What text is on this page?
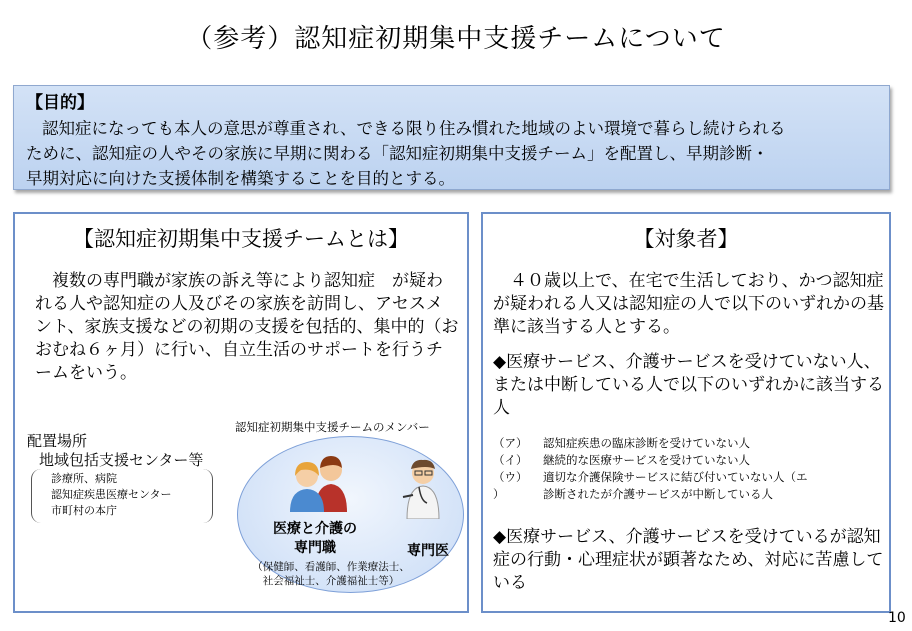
（参考）認知症初期集中支援チームについて
【目的】
認知症になっても本人の意思が尊重され、できる限り住み慣れた地域のよい環境で暮らし続けられる
ために、認知症の人やその家族に早期に関わる「認知症初期集中支援チーム」を配置し、早期診断・
早期対応に向けた支援体制を構築することを目的とする。
【認知症初期集中支援チームとは】
　複数の専門職が家族の訴え等により認知症　が疑われる人や認知症の人及びその家族を訪問し、アセスメント、家族支援などの初期の支援を包括的、集中的（おおむね６ヶ月）に行い、自立生活のサポートを行うチームをいう。
配置場所
地域包括支援センター等
診療所、病院
認知症疾患医療センター
市町村の本庁
認知症初期集中支援チームのメンバー
医療と介護の
専門職	専門医
（保健師、看護師、作業療法士、
社会福祉士、介護福祉士等）
【対象者】
　４０歳以上で、在宅で生活しており、かつ認知症が疑われる人又は認知症の人で以下のいずれかの基準に該当する人とする。
◆医療サービス、介護サービスを受けていない人、または中断している人で以下のいずれかに該当する人
（ア）	認知症疾患の臨床診断を受けていない人
（イ）	継続的な医療サービスを受けていない人
（ウ）	適切な介護保険サービスに結び付いていない人（エ
）	診断されたが介護サービスが中断している人
◆医療サービス、介護サービスを受けているが認知症の行動・心理症状が顕著なため、対応に苦慮している
10
